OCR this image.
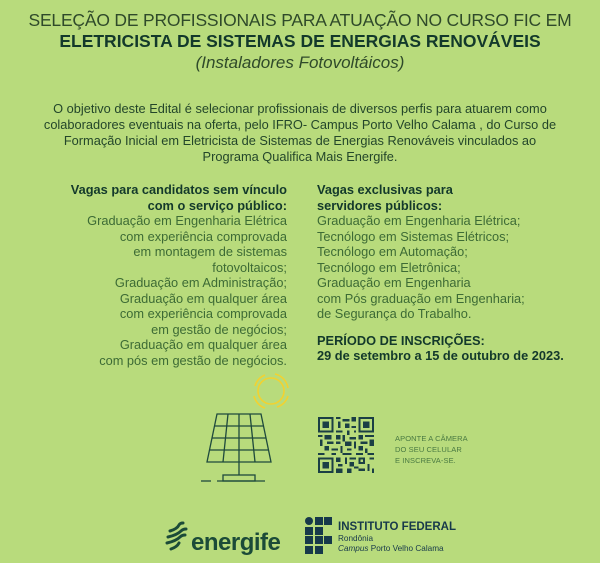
SELEÇÃO DE PROFISSIONAIS PARA ATUAÇÃO NO CURSO FIC EM
ELETRICISTA DE SISTEMAS DE ENERGIAS RENOVÁVEIS
(Instaladores Fotovoltáicos)
O objetivo deste Edital é selecionar profissionais de diversos perfis para atuarem como
colaboradores eventuais na oferta, pelo IFRO- Campus Porto Velho Calama , do Curso de
Formação Inicial em Eletricista de Sistemas de Energias Renováveis vinculados ao
Programa Qualifica Mais Energife.
Vagas para candidatos sem vínculo
com o serviço público:
Graduação em Engenharia Elétrica
com experiência comprovada
em montagem de sistemas
fotovoltaicos;
Graduação em Administração;
Graduação em qualquer área
com experiência comprovada
em gestão de negócios;
Graduação em qualquer área
com pós em gestão de negócios.
Vagas exclusivas para
servidores públicos:
Graduação em Engenharia Elétrica;
Tecnólogo em Sistemas Elétricos;
Tecnólogo em Automação;
Tecnólogo em Eletrônica;
Graduação em Engenharia
com Pós graduação em Engenharia;
de Segurança do Trabalho.
PERÍODO DE INSCRIÇÕES:
29 de setembro a 15 de outubro de 2023.
APONTE A CÂMERA
DO SEU CELULAR
E INSCREVA-SE.
energife
INSTITUTO FEDERAL
Rondônia
Campus Porto Velho Calama
